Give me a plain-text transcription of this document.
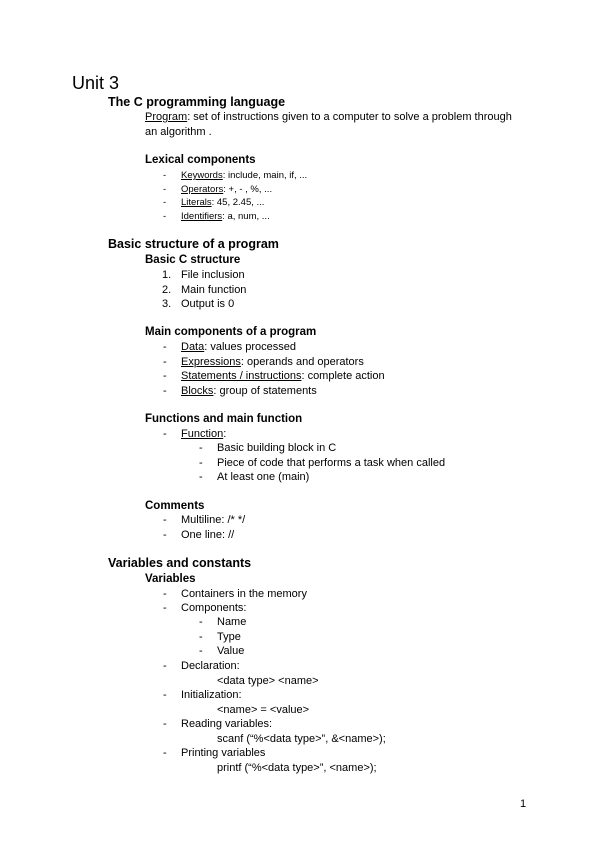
Unit 3
The C programming language
Program: set of instructions given to a computer to solve a problem through
an algorithm .
Lexical components
- Keywords: include, main, if, ...
- Operators: +, - , %, ...
- Literals: 45, 2.45, ...
- Identifiers: a, num, ...
Basic structure of a program
Basic C structure
1. File inclusion
2. Main function
3. Output is 0
Main components of a program
- Data: values processed
- Expressions: operands and operators
- Statements / instructions: complete action
- Blocks: group of statements
Functions and main function
- Function:
- Basic building block in C
- Piece of code that performs a task when called
- At least one (main)
Comments
- Multiline: /* */
- One line: //
Variables and constants
Variables
- Containers in the memory
- Components:
- Name
- Type
- Value
- Declaration:
<data type> <name>
- Initialization:
<name> = <value>
- Reading variables:
scanf (“%<data type>”, &<name>);
- Printing variables
printf (“%<data type>”, <name>);
1
